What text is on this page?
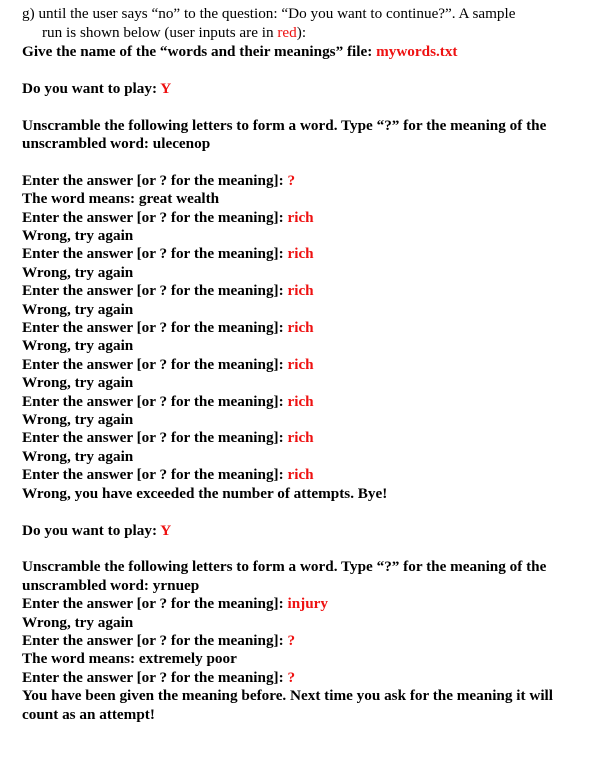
g) until the user says “no” to the question: “Do you want to continue?”. A sample
run is shown below (user inputs are in red):
Give the name of the “words and their meanings” file: mywords.txt
Do you want to play: Y
Unscramble the following letters to form a word. Type “?” for the meaning of the unscrambled word: ulecenop
Enter the answer [or ? for the meaning]: ?
The word means: great wealth
Enter the answer [or ? for the meaning]: rich
Wrong, try again
Enter the answer [or ? for the meaning]: rich
Wrong, try again
Enter the answer [or ? for the meaning]: rich
Wrong, try again
Enter the answer [or ? for the meaning]: rich
Wrong, try again
Enter the answer [or ? for the meaning]: rich
Wrong, try again
Enter the answer [or ? for the meaning]: rich
Wrong, try again
Enter the answer [or ? for the meaning]: rich
Wrong, try again
Enter the answer [or ? for the meaning]: rich
Wrong, you have exceeded the number of attempts. Bye!
Do you want to play: Y
Unscramble the following letters to form a word. Type “?” for the meaning of the unscrambled word: yrnuep
Enter the answer [or ? for the meaning]: injury
Wrong, try again
Enter the answer [or ? for the meaning]: ?
The word means: extremely poor
Enter the answer [or ? for the meaning]: ?
You have been given the meaning before. Next time you ask for the meaning it will count as an attempt!
